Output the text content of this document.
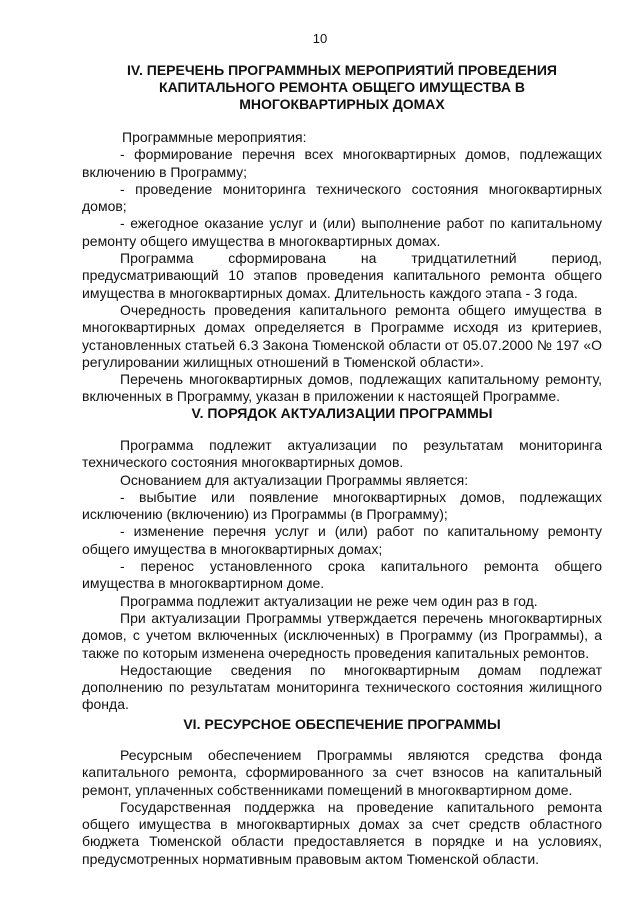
10
IV. ПЕРЕЧЕНЬ ПРОГРАММНЫХ МЕРОПРИЯТИЙ ПРОВЕДЕНИЯ КАПИТАЛЬНОГО РЕМОНТА ОБЩЕГО ИМУЩЕСТВА В МНОГОКВАРТИРНЫХ ДОМАХ

Программные мероприятия:

- формирование перечня всех многоквартирных домов, подлежащих включению в Программу;

- проведение мониторинга технического состояния многоквартирных домов;

- ежегодное оказание услуг и (или) выполнение работ по капитальному ремонту общего имущества в многоквартирных домах.

Программа сформирована на тридцатилетний период, предусматривающий 10 этапов проведения капитального ремонта общего имущества в многоквартирных домах. Длительность каждого этапа - 3 года.

Очередность проведения капитального ремонта общего имущества в многоквартирных домах определяется в Программе исходя из критериев, установленных статьей 6.3 Закона Тюменской области от 05.07.2000 № 197 «О регулировании жилищных отношений в Тюменской области».

Перечень многоквартирных домов, подлежащих капитальному ремонту, включенных в Программу, указан в приложении к настоящей Программе.

V. ПОРЯДОК АКТУАЛИЗАЦИИ ПРОГРАММЫ

Программа подлежит актуализации по результатам мониторинга технического состояния многоквартирных домов.

Основанием для актуализации Программы является:

- выбытие или появление многоквартирных домов, подлежащих исключению (включению) из Программы (в Программу);

- изменение перечня услуг и (или) работ по капитальному ремонту общего имущества в многоквартирных домах;

- перенос установленного срока капитального ремонта общего имущества в многоквартирном доме.

Программа подлежит актуализации не реже чем один раз в год.

При актуализации Программы утверждается перечень многоквартирных домов, с учетом включенных (исключенных) в Программу (из Программы), а также по которым изменена очередность проведения капитальных ремонтов.

Недостающие сведения по многоквартирным домам подлежат дополнению по результатам мониторинга технического состояния жилищного фонда.

VI. РЕСУРСНОЕ ОБЕСПЕЧЕНИЕ ПРОГРАММЫ

Ресурсным обеспечением Программы являются средства фонда капитального ремонта, сформированного за счет взносов на капитальный ремонт, уплаченных собственниками помещений в многоквартирном доме.

Государственная поддержка на проведение капитального ремонта общего имущества в многоквартирных домах за счет средств областного бюджета Тюменской области предоставляется в порядке и на условиях, предусмотренных нормативным правовым актом Тюменской области.
